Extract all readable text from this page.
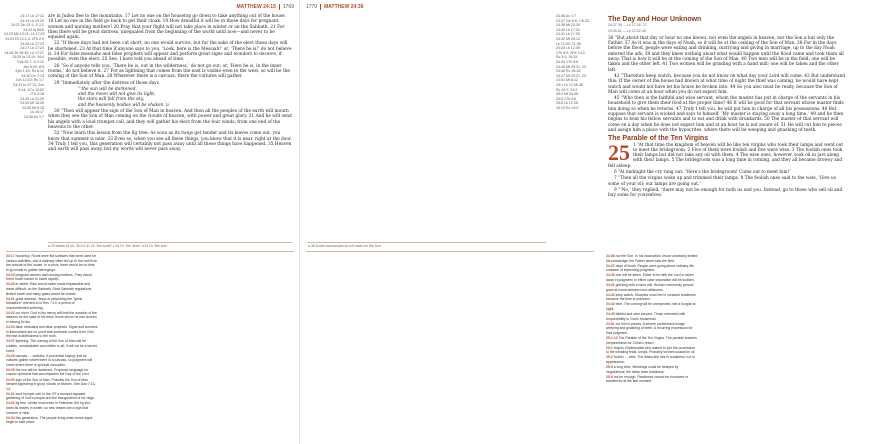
MATTHEW 24:15 1769
24:17 Lk 17:31
24:19 Lk 23:29
24:21 Dn 12:1; Jl 2:2
24:22 Is 65:8
24:23 Mk 13:21; Lk 17:23
24:24 Dt 13:1-3; 2Th 2:9
24:26 Lk 17:23
24:27 Lk 17:24
24:28 Jb 39:30; Lk 17:37
24:29 Is 13:10; 34:4
Ezk 32:7; Jl 2:10
Am 5:20; 8:9
Zph 1:15; Rv 6:12
24:30 Dn 7:13
Zch 12:10; Rv 1:7
24:31 Is 27:13; Zch
9:14; 1Co 15:52
1Th 4:16
24:32 Lk 21:29
24:34 Mt 16:28
24:35 Mt 5:18
Lk 16:17
24:36 Ac 1:7

are in Judea flee to the mountains. 17 Let no one on the housetop go down to take anything out of the house. 18 Let no one in the field go back to get their cloak. 19 How dreadful it will be in those days for pregnant women and nursing mothers! 20 Pray that your flight will not take place in winter or on the Sabbath. 21 For then there will be great distress, unequaled from the beginning of the world until now—and never to be equaled again.

22 “If those days had not been cut short, no one would survive, but for the sake of the elect those days will be shortened. 23 At that time if anyone says to you, ‘Look, here is the Messiah!’ or, ‘There he is!’ do not believe it. 24 For false messiahs and false prophets will appear and perform great signs and wonders to deceive, if possible, even the elect. 25 See, I have told you ahead of time.

26 “So if anyone tells you, ‘There he is, out in the wilderness,’ do not go out; or, ‘Here he is, in the inner rooms,’ do not believe it. 27 For as lightning that comes from the east is visible even in the west, so will be the coming of the Son of Man. 28 Wherever there is a carcass, there the vultures will gather.

29 “Immediately after the distress of those days

“‘the sun will be darkened,
and the moon will not give its light;
the stars will fall from the sky,
and the heavenly bodies will be shaken.’a

30 “Then will appear the sign of the Son of Man in heaven. And then all the peoples of the earth will mourn when they see the Son of Man coming on the clouds of heaven, with power and great glory. 31 And he will send his angels with a loud trumpet call, and they will gather his elect from the four winds, from one end of the heavens to the other.

32 “Now learn this lesson from the fig tree: As soon as its twigs get tender and its leaves come out, you know that summer is near. 33 Even so, when you see all these things, you know that it is near, right at the door. 34 Truly I tell you, this generation will certainly not pass away until all these things have happened. 35 Heaven and earth will pass away, but my words will never pass away.

a 29 Isaiah 13:10; 34:4 b 31 Or "the world" c 34 Or "the Jews" d 34 Or "the end"

24:17 housetop. Roofs were flat surfaces that were used for various activities, and a stairway often led up to the roof from the outside of the house. In a crisis, there would be no time to go inside to gather belongings.

24:19 pregnant women and nursing mothers. They would find it much harder to travel rapidly.

24:20 in winter. Rain would make roads impassable and travel difficult. on the Sabbath. Strict Sabbath regulations limited travel and many gates would be closed.

24:21 great distress. Jesus is describing the "great tribulation" referred to in Rev 7:14, a period of unprecedented suffering.

24:22 cut short. God in his mercy will limit the duration of the distress for the sake of his elect, those whom he has chosen to belong to him.

24:24 false messiahs and false prophets. Signs and wonders in themselves are no proof that someone comes from God; the test is faithfulness to the truth.

24:27 lightning. The coming of the Son of Man will be sudden, unmistakable and visible to all; it will not be a secret event.

24:28 carcass … vultures. A proverbial saying: just as vultures gather where there is a carcass, so judgment will come where there is spiritual corruption.

24:29 the sun will be darkened. Prophetic language for cosmic upheaval that accompanies the Day of the Lord.

24:30 sign of the Son of Man. Possibly the Son of Man himself appearing in glory. clouds of heaven. See Dan 7:13-14.

24:31 loud trumpet call. In the OT a trumpet signaled gathering of God's people and the inauguration of his reign.

24:32 fig tree. Unlike most trees in Palestine, the fig tree loses its leaves in winter, so new leaves are a sign that summer is near.

24:34 this generation. The people living when these signs begin to take place.

1770 MATTHEW 24:36
The Day and Hour Unknown
24:37-39 — Lk 17:26, 27
24:45-51 — Lk 12:42-46

36 “But about that day or hour no one knows, not even the angels in heaven, nor the Son,a but only the Father. 37 As it was in the days of Noah, so it will be at the coming of the Son of Man. 38 For in the days before the flood, people were eating and drinking, marrying and giving in marriage, up to the day Noah entered the ark; 39 and they knew nothing about what would happen until the flood came and took them all away. That is how it will be at the coming of the Son of Man. 40 Two men will be in the field; one will be taken and the other left. 41 Two women will be grinding with a hand mill; one will be taken and the other left.

42 “Therefore keep watch, because you do not know on what day your Lord will come. 43 But understand this: If the owner of the house had known at what time of night the thief was coming, he would have kept watch and would not have let his house be broken into. 44 So you also must be ready, because the Son of Man will come at an hour when you do not expect him.

45 “Who then is the faithful and wise servant, whom the master has put in charge of the servants in his household to give them their food at the proper time? 46 It will be good for that servant whose master finds him doing so when he returns. 47 Truly I tell you, he will put him in charge of all his possessions. 48 But suppose that servant is wicked and says to himself, ‘My master is staying away a long time,’ 49 and he then begins to beat his fellow servants and to eat and drink with drunkards. 50 The master of that servant will come on a day when he does not expect him and at an hour he is not aware of. 51 He will cut him to pieces and assign him a place with the hypocrites, where there will be weeping and gnashing of teeth.

The Parable of the Ten Virgins
25 1 “At that time the kingdom of heaven will be like ten virgins who took their lamps and went out to meet the bridegroom. 2 Five of them were foolish and five were wise. 3 The foolish ones took their lamps but did not take any oil with them. 4 The wise ones, however, took oil in jars along with their lamps. 5 The bridegroom was a long time in coming, and they all became drowsy and fell asleep.

6 “At midnight the cry rang out: ‘Here’s the bridegroom! Come out to meet him!’

7 “Then all the virgins woke up and trimmed their lamps. 8 The foolish ones said to the wise, ‘Give us some of your oil; our lamps are going out.’

9 “‘No,’ they replied, ‘there may not be enough for both us and you. Instead, go to those who sell oil and buy some for yourselves.’

24:36 Ac 1:7
24:37 Ge 6:5; 7:6-23
24:38 Mt 22:30
24:40 Lk 17:34
24:41 Lk 17:35
24:42 Mt 25:13
Lk 12:40; 21:36
24:43 Lk 12:39
1Th 5:2; 2Pe 3:10
Rv 3:3; 16:15
24:44 1Th 5:6
24:45 Mt 25:21, 23
24:46 Rv 16:15
24:47 Mt 25:21, 23
24:51 Mt 8:12
25:1 Lk 12:35-38
Rv 19:7; 21:2
25:2 Mt 24:45
25:5 1Th 5:6
25:8 Lk 12:35
25:10 Rv 19:9
a 36 Some manuscripts do not have nor the Son.

24:36 nor the Son. In his incarnation Jesus voluntarily limited his knowledge; the Father alone sets the time.

24:37 days of Noah. People were going about ordinary life, unaware of impending judgment.

24:40 one will be taken. Either to be with the Lord or taken away in judgment; in either case separation will be sudden.

24:41 grinding with a hand mill. Women commonly ground grain at home between two millstones.

24:42 keep watch. Disciples must live in constant readiness because the time is unknown.

24:43 thief. The coming will be unexpected, like a burglar at night.

24:45 faithful and wise servant. Those entrusted with responsibility in God's household.

24:51 cut him to pieces. A severe punishment image. weeping and gnashing of teeth. A recurring expression for final judgment.

25:1-13 The Parable of the Ten Virgins. The parable teaches preparedness for Christ's return.

25:1 virgins. Bridesmaids who waited to join the procession to the wedding feast. lamps. Probably torches soaked in oil.

25:2 foolish … wise. The distinction lies in readiness, not in appearance.

25:5 a long time. Weddings could be delayed by negotiations; the delay tests readiness.

25:9 not be enough. Readiness cannot be borrowed or transferred at the last moment.
